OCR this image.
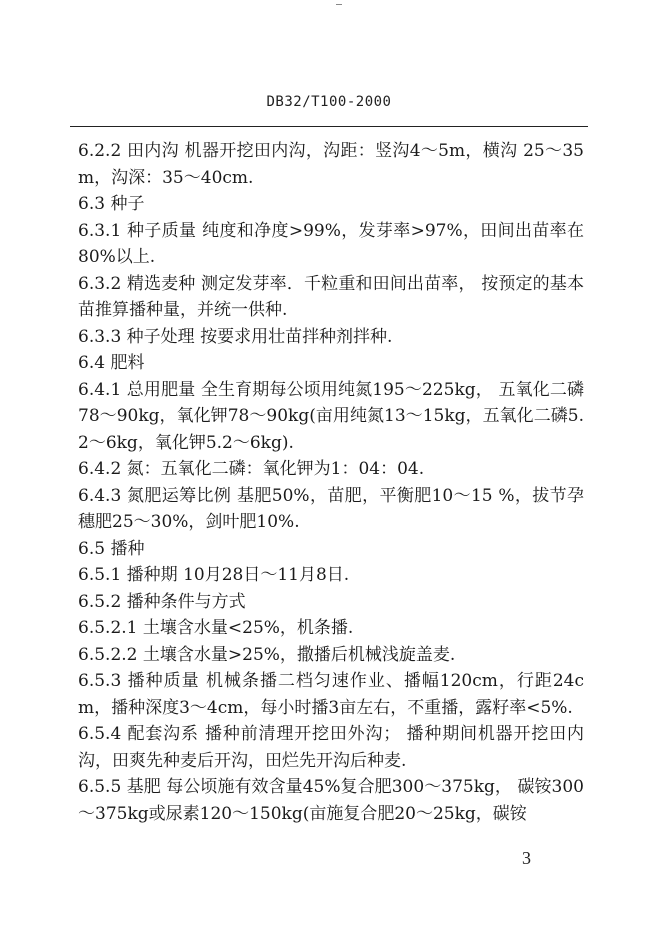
DB32/T100-2000

6.2.2 田内沟 机器开挖田内沟，沟距：竖沟4～5m，横沟 25～35m，沟深：35～40cm.

6.3 种子

6.3.1 种子质量 纯度和净度>99%，发芽率>97%，田间出苗率在80%以上.

6.3.2 精选麦种 测定发芽率．千粒重和田间出苗率， 按预定的基本苗推算播种量，并统一供种.

6.3.3 种子处理 按要求用壮苗拌种剂拌种.

6.4 肥料

6.4.1 总用肥量 全生育期每公顷用纯氮195～225kg， 五氧化二磷78～90kg，氧化钾78～90kg(亩用纯氮13～15kg，五氧化二磷5.2～6kg，氧化钾5.2～6kg).

6.4.2 氮：五氧化二磷：氧化钾为1：04：04.

6.4.3 氮肥运筹比例 基肥50%，苗肥，平衡肥10～15 %，拔节孕穗肥25～30%，剑叶肥10%.

6.5 播种

6.5.1 播种期 10月28日～11月8日.

6.5.2 播种条件与方式

6.5.2.1 土壤含水量<25%，机条播.

6.5.2.2 土壤含水量>25%，撒播后机械浅旋盖麦.

6.5.3 播种质量 机械条播二档匀速作业、播幅120cm，行距24cm，播种深度3～4cm，每小时播3亩左右，不重播，露籽率<5%.

6.5.4 配套沟系 播种前清理开挖田外沟； 播种期间机器开挖田内沟，田爽先种麦后开沟，田烂先开沟后种麦.

6.5.5 基肥 每公顷施有效含量45%复合肥300～375kg， 碳铵300～375kg或尿素120～150kg(亩施复合肥20～25kg，碳铵

3
